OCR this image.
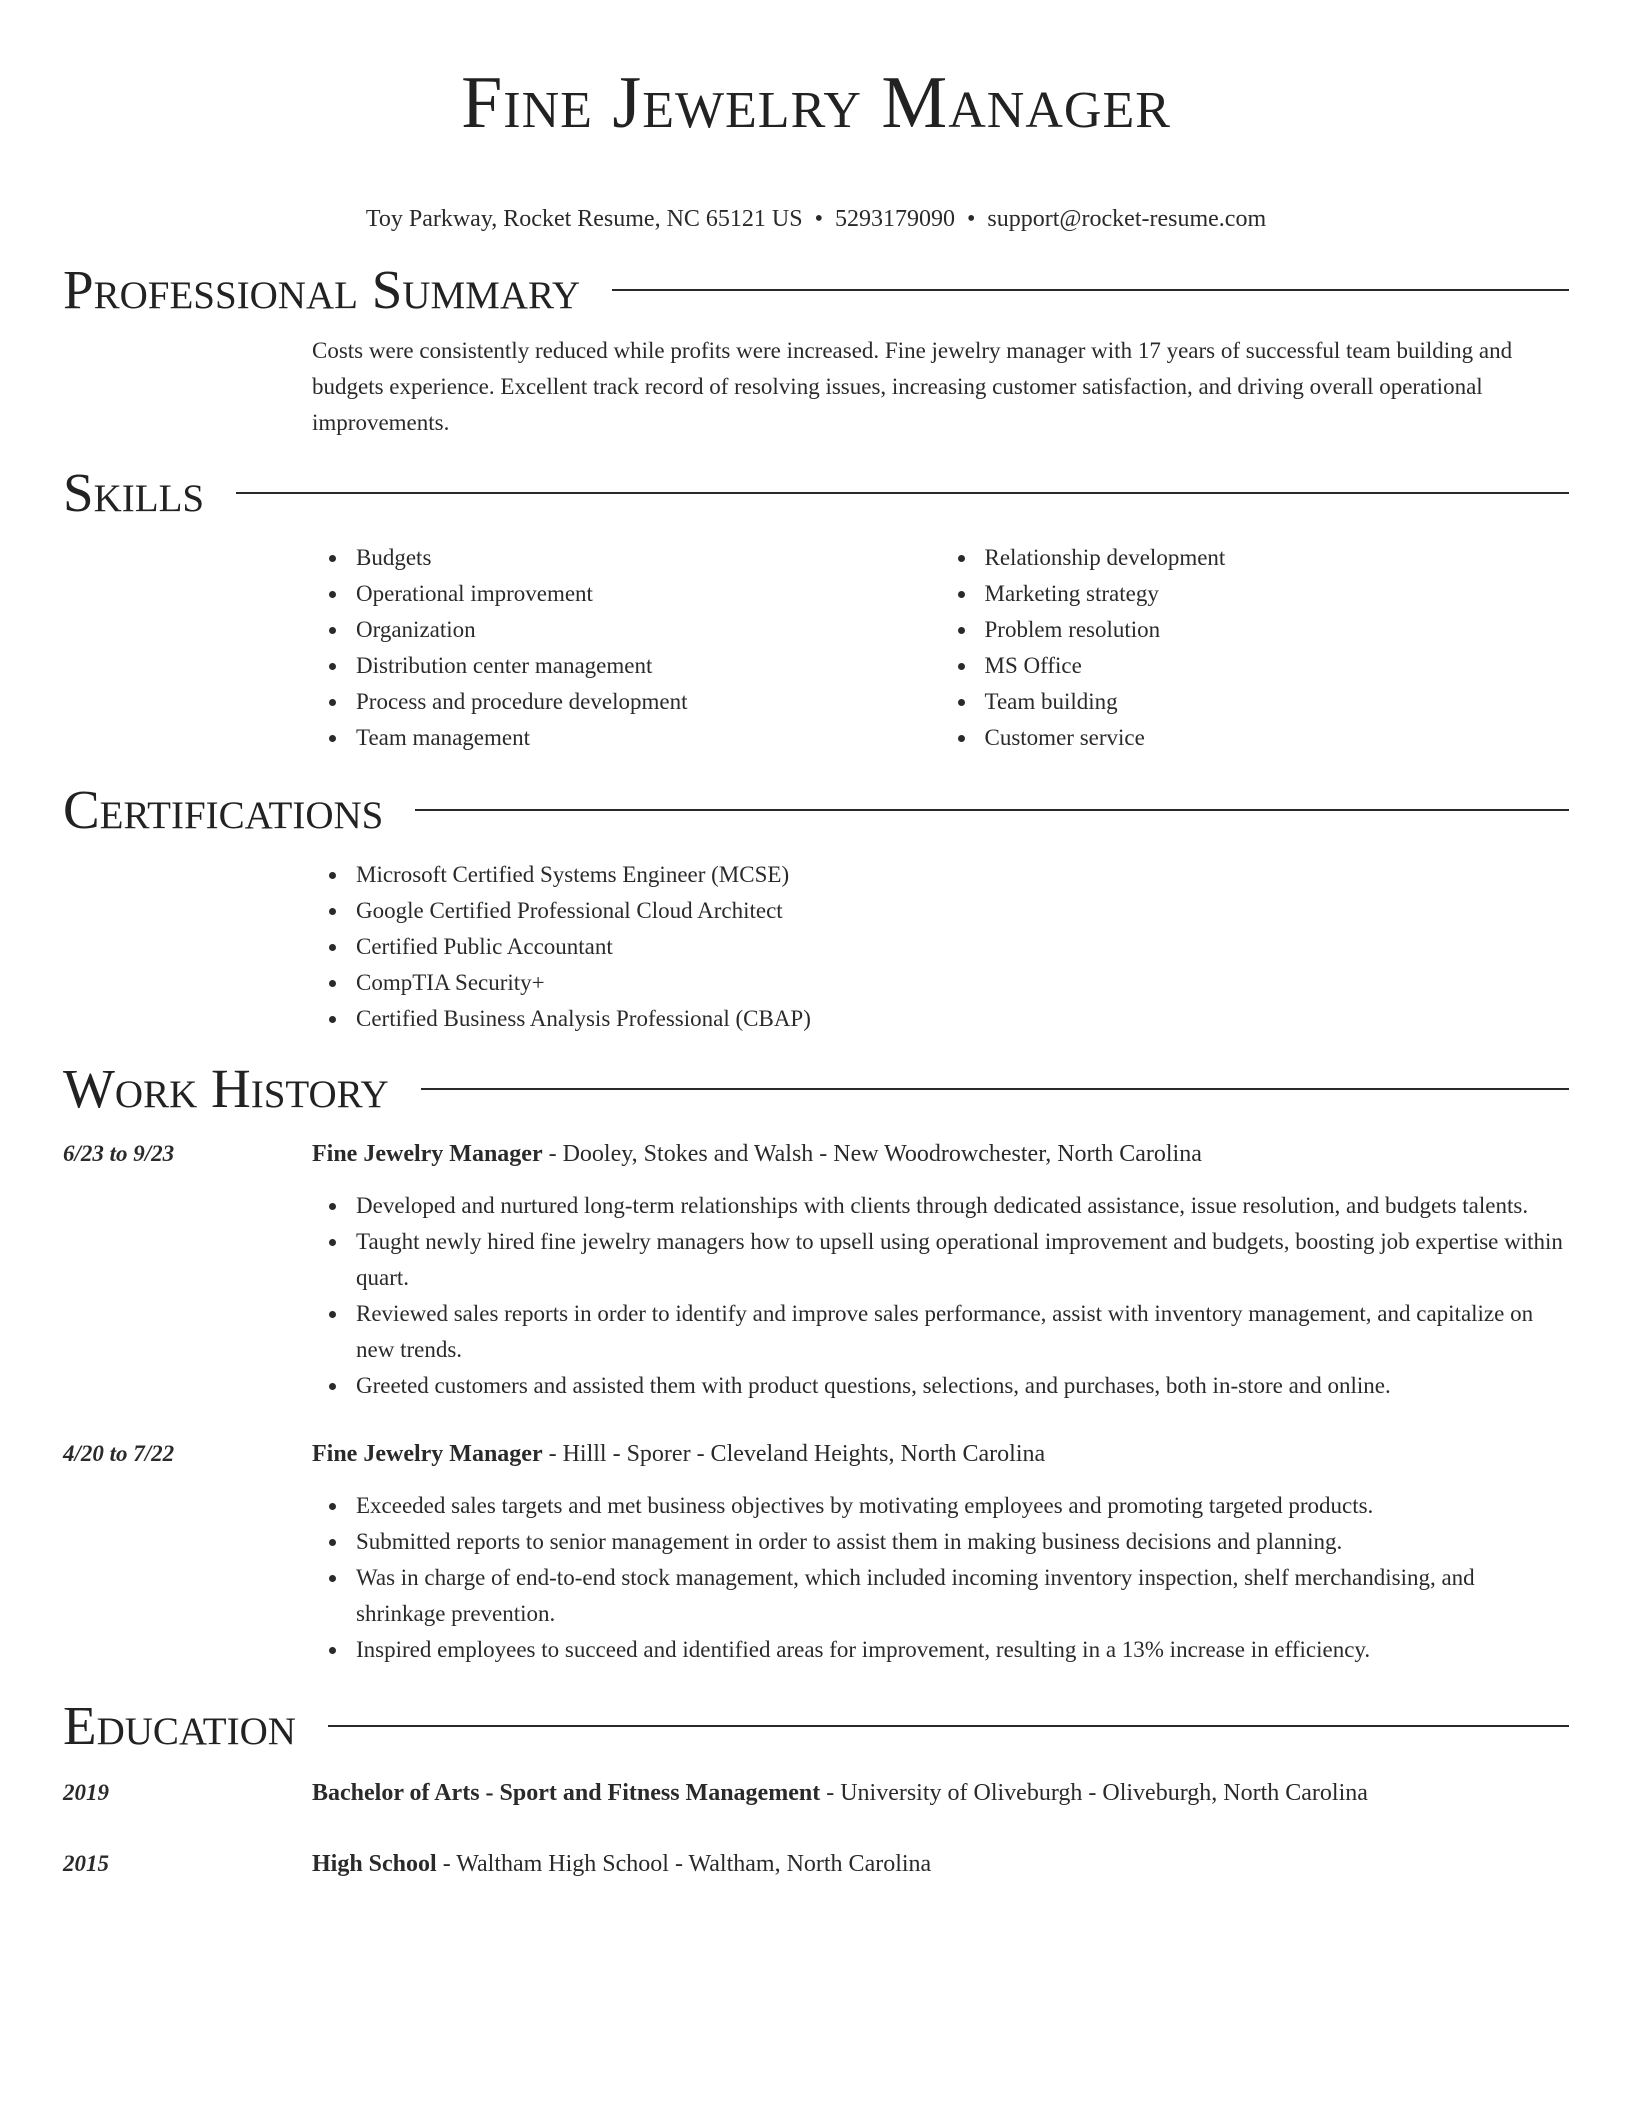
Fine Jewelry Manager
Toy Parkway, Rocket Resume, NC 65121 US • 5293179090 • support@rocket-resume.com
Professional Summary
Costs were consistently reduced while profits were increased. Fine jewelry manager with 17 years of successful team building and budgets experience. Excellent track record of resolving issues, increasing customer satisfaction, and driving overall operational improvements.
Skills
Budgets
Operational improvement
Organization
Distribution center management
Process and procedure development
Team management
Relationship development
Marketing strategy
Problem resolution
MS Office
Team building
Customer service
Certifications
Microsoft Certified Systems Engineer (MCSE)
Google Certified Professional Cloud Architect
Certified Public Accountant
CompTIA Security+
Certified Business Analysis Professional (CBAP)
Work History
6/23 to 9/23	Fine Jewelry Manager - Dooley, Stokes and Walsh - New Woodrowchester, North Carolina
Developed and nurtured long-term relationships with clients through dedicated assistance, issue resolution, and budgets talents.
Taught newly hired fine jewelry managers how to upsell using operational improvement and budgets, boosting job expertise within quart.
Reviewed sales reports in order to identify and improve sales performance, assist with inventory management, and capitalize on new trends.
Greeted customers and assisted them with product questions, selections, and purchases, both in-store and online.
4/20 to 7/22	Fine Jewelry Manager - Hilll - Sporer - Cleveland Heights, North Carolina
Exceeded sales targets and met business objectives by motivating employees and promoting targeted products.
Submitted reports to senior management in order to assist them in making business decisions and planning.
Was in charge of end-to-end stock management, which included incoming inventory inspection, shelf merchandising, and shrinkage prevention.
Inspired employees to succeed and identified areas for improvement, resulting in a 13% increase in efficiency.
Education
2019	Bachelor of Arts - Sport and Fitness Management - University of Oliveburgh - Oliveburgh, North Carolina
2015	High School - Waltham High School - Waltham, North Carolina
